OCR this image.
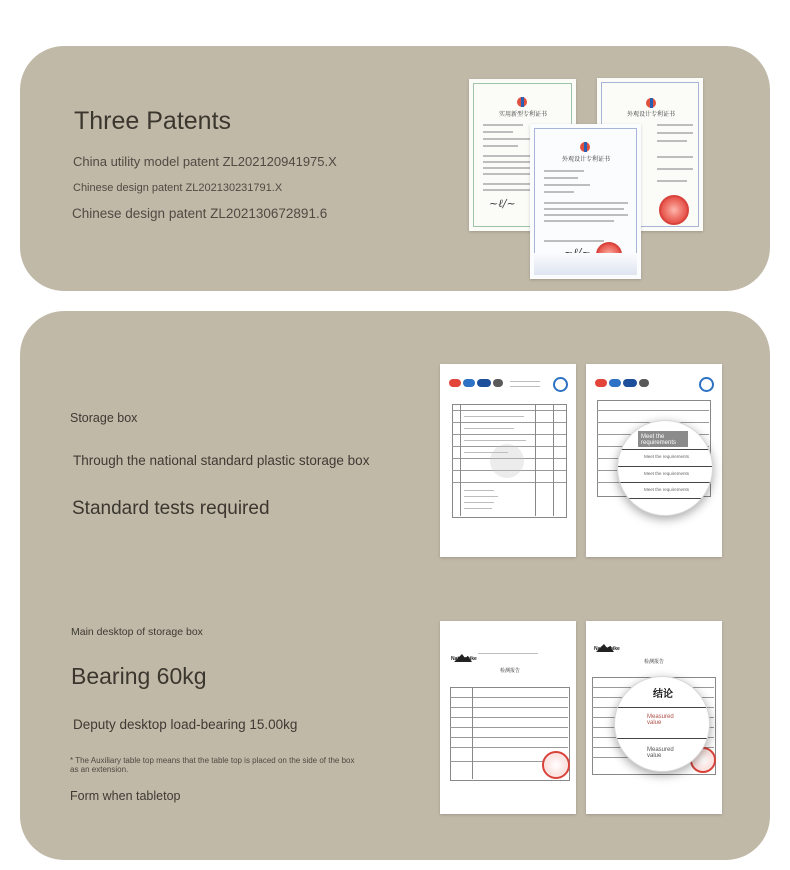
Three Patents
China utility model patent ZL202120941975.X
Chinese design patent ZL202130231791.X
Chinese design patent ZL202130672891.6
实用新型专利证书
~ℓ/~
外观设计专利证书
外观设计专利证书
Storage box
Through the national standard plastic storage box
Standard tests required
Main desktop of storage box
Bearing 60kg
Deputy desktop load-bearing 15.00kg
* The Auxiliary table top means that the table top is placed on the side of the box as an extension.
Form when tabletop
Meet the requirements
Meet the requirements
Meet the requirements
Meet the requirements
Naturehike
检测报告
Naturehike
检测报告
结论
Measured value
Measured value
